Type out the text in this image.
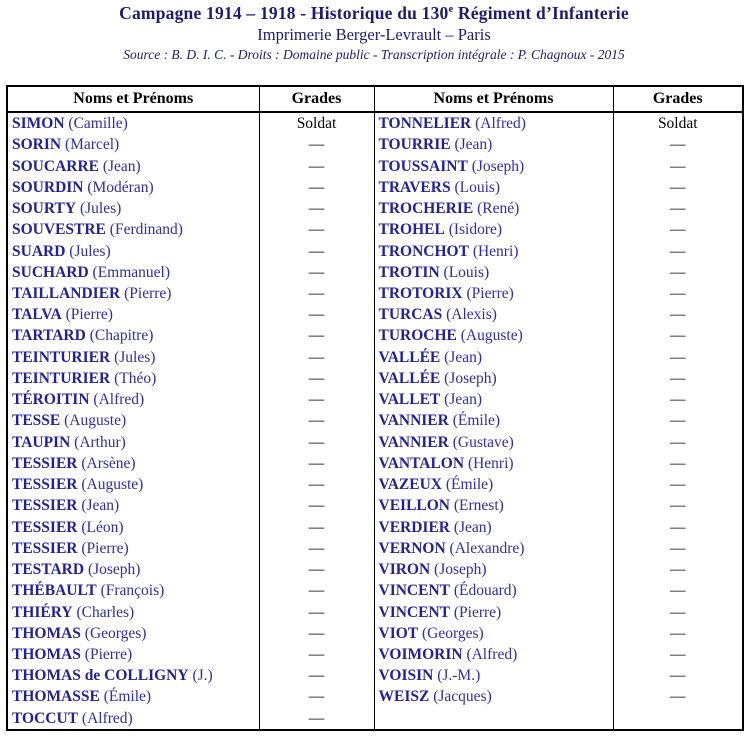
Campagne 1914 – 1918 - Historique du 130e Régiment d’Infanterie
Imprimerie Berger-Levrault – Paris
Source : B. D. I. C. - Droits : Domaine public - Transcription intégrale : P. Chagnoux - 2015
Noms et Prénoms	Grades	Noms et Prénoms	Grades
SIMON (Camille)	Soldat	TONNELIER (Alfred)	Soldat
SORIN (Marcel)	—	TOURRIE (Jean)	—
SOUCARRE (Jean)	—	TOUSSAINT (Joseph)	—
SOURDIN (Modéran)	—	TRAVERS (Louis)	—
SOURTY (Jules)	—	TROCHERIE (René)	—
SOUVESTRE (Ferdinand)	—	TROHEL (Isidore)	—
SUARD (Jules)	—	TRONCHOT (Henri)	—
SUCHARD (Emmanuel)	—	TROTIN (Louis)	—
TAILLANDIER (Pierre)	—	TROTORIX (Pierre)	—
TALVA (Pierre)	—	TURCAS (Alexis)	—
TARTARD (Chapitre)	—	TUROCHE (Auguste)	—
TEINTURIER (Jules)	—	VALLÉE (Jean)	—
TEINTURIER (Théo)	—	VALLÉE (Joseph)	—
TÉROITIN (Alfred)	—	VALLET (Jean)	—
TESSE (Auguste)	—	VANNIER (Émile)	—
TAUPIN (Arthur)	—	VANNIER (Gustave)	—
TESSIER (Arsène)	—	VANTALON (Henri)	—
TESSIER (Auguste)	—	VAZEUX (Émile)	—
TESSIER (Jean)	—	VEILLON (Ernest)	—
TESSIER (Léon)	—	VERDIER (Jean)	—
TESSIER (Pierre)	—	VERNON (Alexandre)	—
TESTARD (Joseph)	—	VIRON (Joseph)	—
THÉBAULT (François)	—	VINCENT (Édouard)	—
THIÉRY (Charles)	—	VINCENT (Pierre)	—
THOMAS (Georges)	—	VIOT (Georges)	—
THOMAS (Pierre)	—	VOIMORIN (Alfred)	—
THOMAS de COLLIGNY (J.)	—	VOISIN (J.-M.)	—
THOMASSE (Émile)	—	WEISZ (Jacques)	—
TOCCUT (Alfred)	—		
